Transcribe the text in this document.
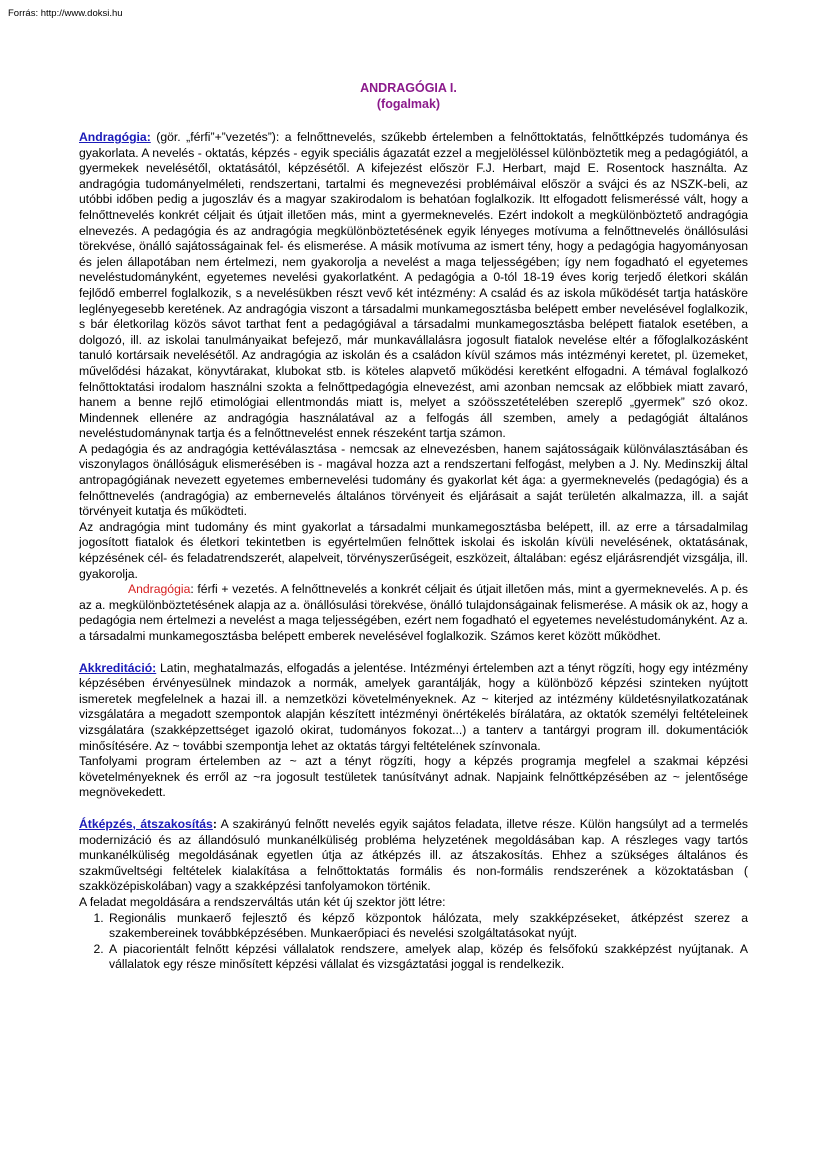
Forrás: http://www.doksi.hu
ANDRAGÓGIA I.
(fogalmak)

Andragógia: (gör. „férfi”+”vezetés”): a felnőttnevelés, szűkebb értelemben a felnőttoktatás, felnőttképzés tudománya és gyakorlata. A nevelés - oktatás, képzés - egyik speciális ágazatát ezzel a megjelöléssel különböztetik meg a pedagógiától, a gyermekek nevelésétől, oktatásától, képzésétől. A kifejezést először F.J. Herbart, majd E. Rosentock használta. Az andragógia tudományelméleti, rendszertani, tartalmi és megnevezési problémáival először a svájci és az NSZK-beli, az utóbbi időben pedig a jugoszláv és a magyar szakirodalom is behatóan foglalkozik. Itt elfogadott felismeréssé vált, hogy a felnőttnevelés konkrét céljait és útjait illetően más, mint a gyermeknevelés. Ezért indokolt a megkülönböztető andragógia elnevezés. A pedagógia és az andragógia megkülönböztetésének egyik lényeges motívuma a felnőttnevelés önállósulási törekvése, önálló sajátosságainak fel- és elismerése. A másik motívuma az ismert tény, hogy a pedagógia hagyományosan és jelen állapotában nem értelmezi, nem gyakorolja a nevelést a maga teljességében; így nem fogadható el egyetemes neveléstudományként, egyetemes nevelési gyakorlatként. A pedagógia a 0-tól 18-19 éves korig terjedő életkori skálán fejlődő emberrel foglalkozik, s a nevelésükben részt vevő két intézmény: A család és az iskola működését tartja hatásköre leglényegesebb keretének. Az andragógia viszont a társadalmi munkamegosztásba belépett ember nevelésével foglalkozik, s bár életkorilag közös sávot tarthat fent a pedagógiával a társadalmi munkamegosztásba belépett fiatalok esetében, a dolgozó, ill. az iskolai tanulmányaikat befejező, már munkavállalásra jogosult fiatalok nevelése eltér a főfoglalkozásként tanuló kortársaik nevelésétől. Az andragógia az iskolán és a családon kívül számos más intézményi keretet, pl. üzemeket, művelődési házakat, könyvtárakat, klubokat stb. is köteles alapvető működési keretként elfogadni. A témával foglalkozó felnőttoktatási irodalom használni szokta a felnőttpedagógia elnevezést, ami azonban nemcsak az előbbiek miatt zavaró, hanem a benne rejlő etimológiai ellentmondás miatt is, melyet a szóösszetételében szereplő „gyermek” szó okoz. Mindennek ellenére az andragógia használatával az a felfogás áll szemben, amely a pedagógiát általános neveléstudománynak tartja és a felnőttnevelést ennek részeként tartja számon.

A pedagógia és az andragógia kettéválasztása - nemcsak az elnevezésben, hanem sajátosságaik különválasztásában és viszonylagos önállóságuk elismerésében is - magával hozza azt a rendszertani felfogást, melyben a J. Ny. Medinszkij által antropagógiának nevezett egyetemes embernevelési tudomány és gyakorlat két ága: a gyermeknevelés (pedagógia) és a felnőttnevelés (andragógia) az embernevelés általános törvényeit és eljárásait a saját területén alkalmazza, ill. a saját törvényeit kutatja és működteti.

Az andragógia mint tudomány és mint gyakorlat a társadalmi munkamegosztásba belépett, ill. az erre a társadalmilag jogosított fiatalok és életkori tekintetben is egyértelműen felnőttek iskolai és iskolán kívüli nevelésének, oktatásának, képzésének cél- és feladatrendszerét, alapelveit, törvényszerűségeit, eszközeit, általában: egész eljárásrendjét vizsgálja, ill. gyakorolja.

Andragógia: férfi + vezetés. A felnőttnevelés a konkrét céljait és útjait illetően más, mint a gyermeknevelés. A p. és az a. megkülönböztetésének alapja az a. önállósulási törekvése, önálló tulajdonságainak felismerése. A másik ok az, hogy a pedagógia nem értelmezi a nevelést a maga teljességében, ezért nem fogadható el egyetemes neveléstudományként. Az a. a társadalmi munkamegosztásba belépett emberek nevelésével foglalkozik. Számos keret között működhet.

Akkreditáció: Latin, meghatalmazás, elfogadás a jelentése. Intézményi értelemben azt a tényt rögzíti, hogy egy intézmény képzésében érvényesülnek mindazok a normák, amelyek garantálják, hogy a különböző képzési szinteken nyújtott ismeretek megfelelnek a hazai ill. a nemzetközi követelményeknek. Az ~ kiterjed az intézmény küldetésnyilatkozatának vizsgálatára a megadott szempontok alapján készített intézményi önértékelés bírálatára, az oktatók személyi feltételeinek vizsgálatára (szakképzettséget igazoló okirat, tudományos fokozat...) a tanterv a tantárgyi program ill. dokumentációk minősítésére. Az ~ további szempontja lehet az oktatás tárgyi feltételének színvonala.

Tanfolyami program értelemben az ~ azt a tényt rögzíti, hogy a képzés programja megfelel a szakmai képzési követelményeknek és erről az ~ra jogosult testületek tanúsítványt adnak. Napjaink felnőttképzésében az ~ jelentősége megnövekedett.

Átképzés, átszakosítás: A szakirányú felnőtt nevelés egyik sajátos feladata, illetve része. Külön hangsúlyt ad a termelés modernizáció és az állandósuló munkanélküliség probléma helyzetének megoldásában kap. A részleges vagy tartós munkanélküliség megoldásának egyetlen útja az átképzés ill. az átszakosítás. Ehhez a szükséges általános és szakműveltségi feltételek kialakítása a felnőttoktatás formális és non-formális rendszerének a közoktatásban ( szakközépiskolában) vagy a szakképzési tanfolyamokon történik.

A feladat megoldására a rendszerváltás után két új szektor jött létre:

1. Regionális munkaerő fejlesztő és képző központok hálózata, mely szakképzéseket, átképzést szerez a szakembereinek továbbképzésében. Munkaerőpiaci és nevelési szolgáltatásokat nyújt.
2. A piacorientált felnőtt képzési vállalatok rendszere, amelyek alap, közép és felsőfokú szakképzést nyújtanak. A vállalatok egy része minősített képzési vállalat és vizsgáztatási joggal is rendelkezik.
